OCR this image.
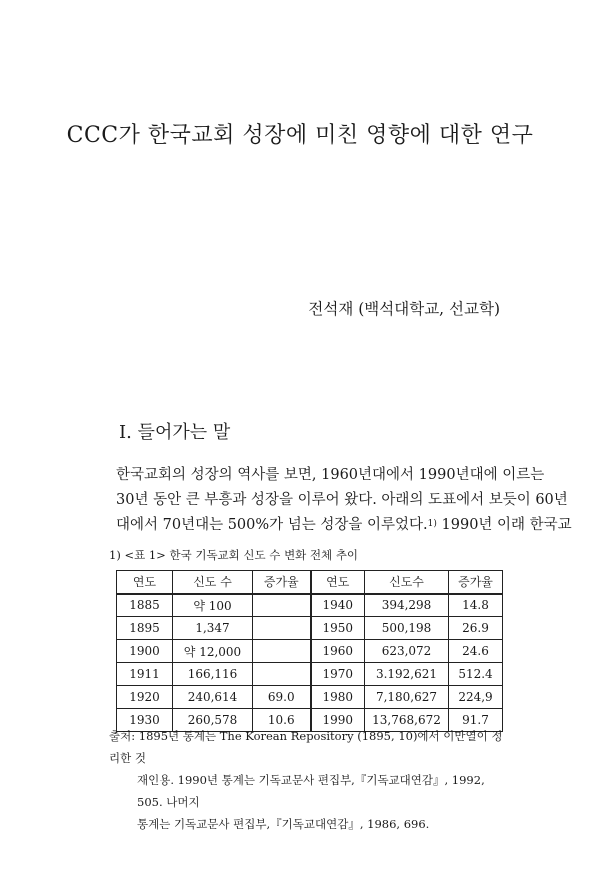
CCC가 한국교회 성장에 미친 영향에 대한 연구
전석재 (백석대학교, 선교학)
I. 들어가는 말
한국교회의 성장의 역사를 보면, 1960년대에서 1990년대에 이르는
30년 동안 큰 부흥과 성장을 이루어 왔다. 아래의 도표에서 보듯이 60년
대에서 70년대는 500%가 넘는 성장을 이루었다.$^{1)}$ 1990년 이래 한국교
1) <표 1> 한국 기독교회 신도 수 변화 전체 추이
연도	신도 수	증가율	연도	신도수	증가율
1885	약 100		1940	394,298	14.8
1895	1,347		1950	500,198	26.9
1900	약 12,000		1960	623,072	24.6
1911	166,116		1970	3.192,621	512.4
1920	240,614	69.0	1980	7,180,627	224,9
1930	260,578	10.6	1990	13,768,672	91.7
출처: 1895년 통계는 The Korean Repository (1895, 10)에서 이만열이 정리한 것
재인용. 1990년 통계는 기독교문사 편집부,『기독교대연감』, 1992, 505. 나머지
통계는 기독교문사 편집부,『기독교대연감』, 1986, 696.
